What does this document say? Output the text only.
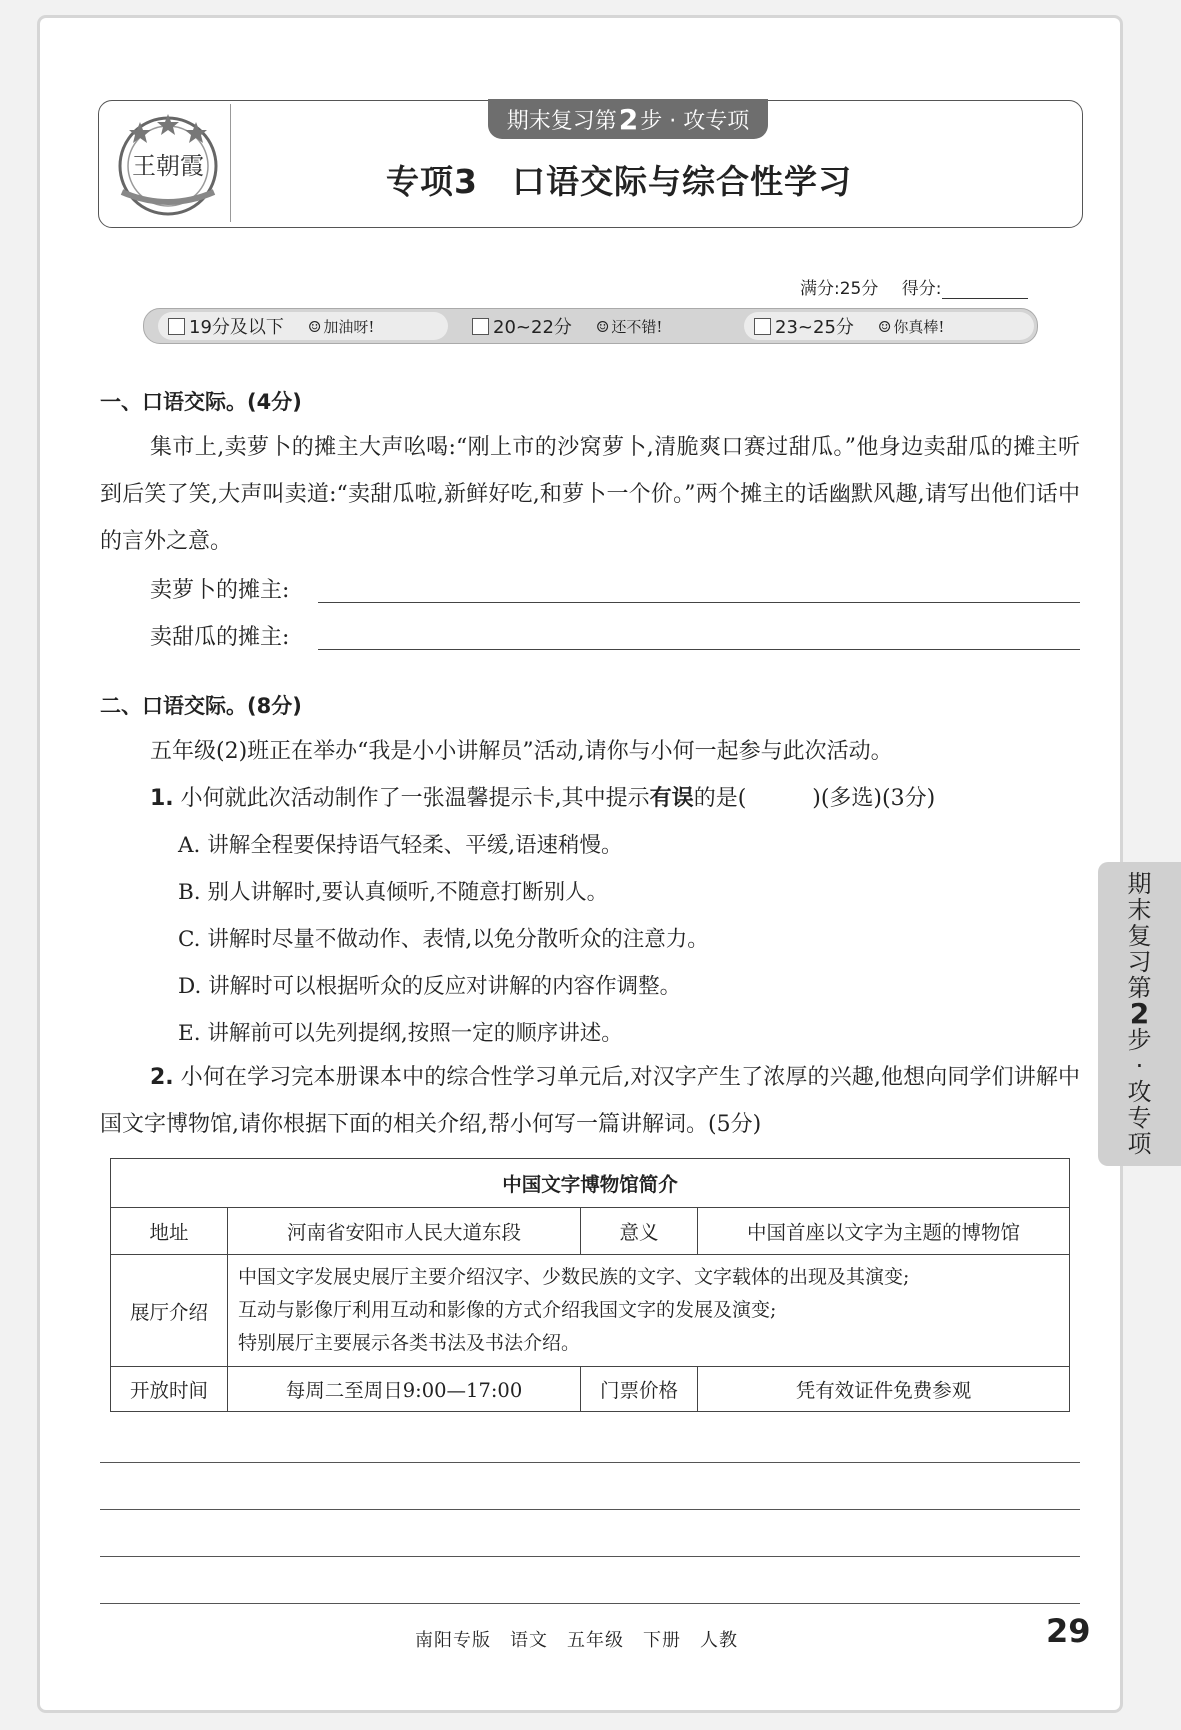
王朝霞
期末复习第 2 步 · 攻专项
专项3　口语交际与综合性学习
满分:25分 得分:
19分及以下 ☺ 加油呀!	20~22分 ☺ 还不错!	23~25分 ☺ 你真棒!
一、口语交际。(4分)
集市上,卖萝卜的摊主大声吆喝:“刚上市的沙窝萝卜,清脆爽口赛过甜瓜。”他身边卖甜瓜的摊主听到后笑了笑,大声叫卖道:“卖甜瓜啦,新鲜好吃,和萝卜一个价。”两个摊主的话幽默风趣,请写出他们话中的言外之意。
卖萝卜的摊主:
卖甜瓜的摊主:
二、口语交际。(8分)
五年级(2)班正在举办“我是小小讲解员”活动,请你与小何一起参与此次活动。
1. 小何就此次活动制作了一张温馨提示卡,其中提示有误的是(　　　)(多选)(3分)
A. 讲解全程要保持语气轻柔、平缓,语速稍慢。
B. 别人讲解时,要认真倾听,不随意打断别人。
C. 讲解时尽量不做动作、表情,以免分散听众的注意力。
D. 讲解时可以根据听众的反应对讲解的内容作调整。
E. 讲解前可以先列提纲,按照一定的顺序讲述。
2. 小何在学习完本册课本中的综合性学习单元后,对汉字产生了浓厚的兴趣,他想向同学们讲解中国文字博物馆,请你根据下面的相关介绍,帮小何写一篇讲解词。(5分)
中国文字博物馆简介			
地址	河南省安阳市人民大道东段	意义	中国首座以文字为主题的博物馆
展厅介绍	中国文字发展史展厅主要介绍汉字、少数民族的文字、文字载体的出现及其演变;
互动与影像厅利用互动和影像的方式介绍我国文字的发展及演变;
特别展厅主要展示各类书法及书法介绍。		

开放时间	每周二至周日9:00—17:00	门票价格	凭有效证件免费参观
期
末
复
习
第
2
步
·
攻
专
项
南阳专版　语文　五年级　下册　人教	29
